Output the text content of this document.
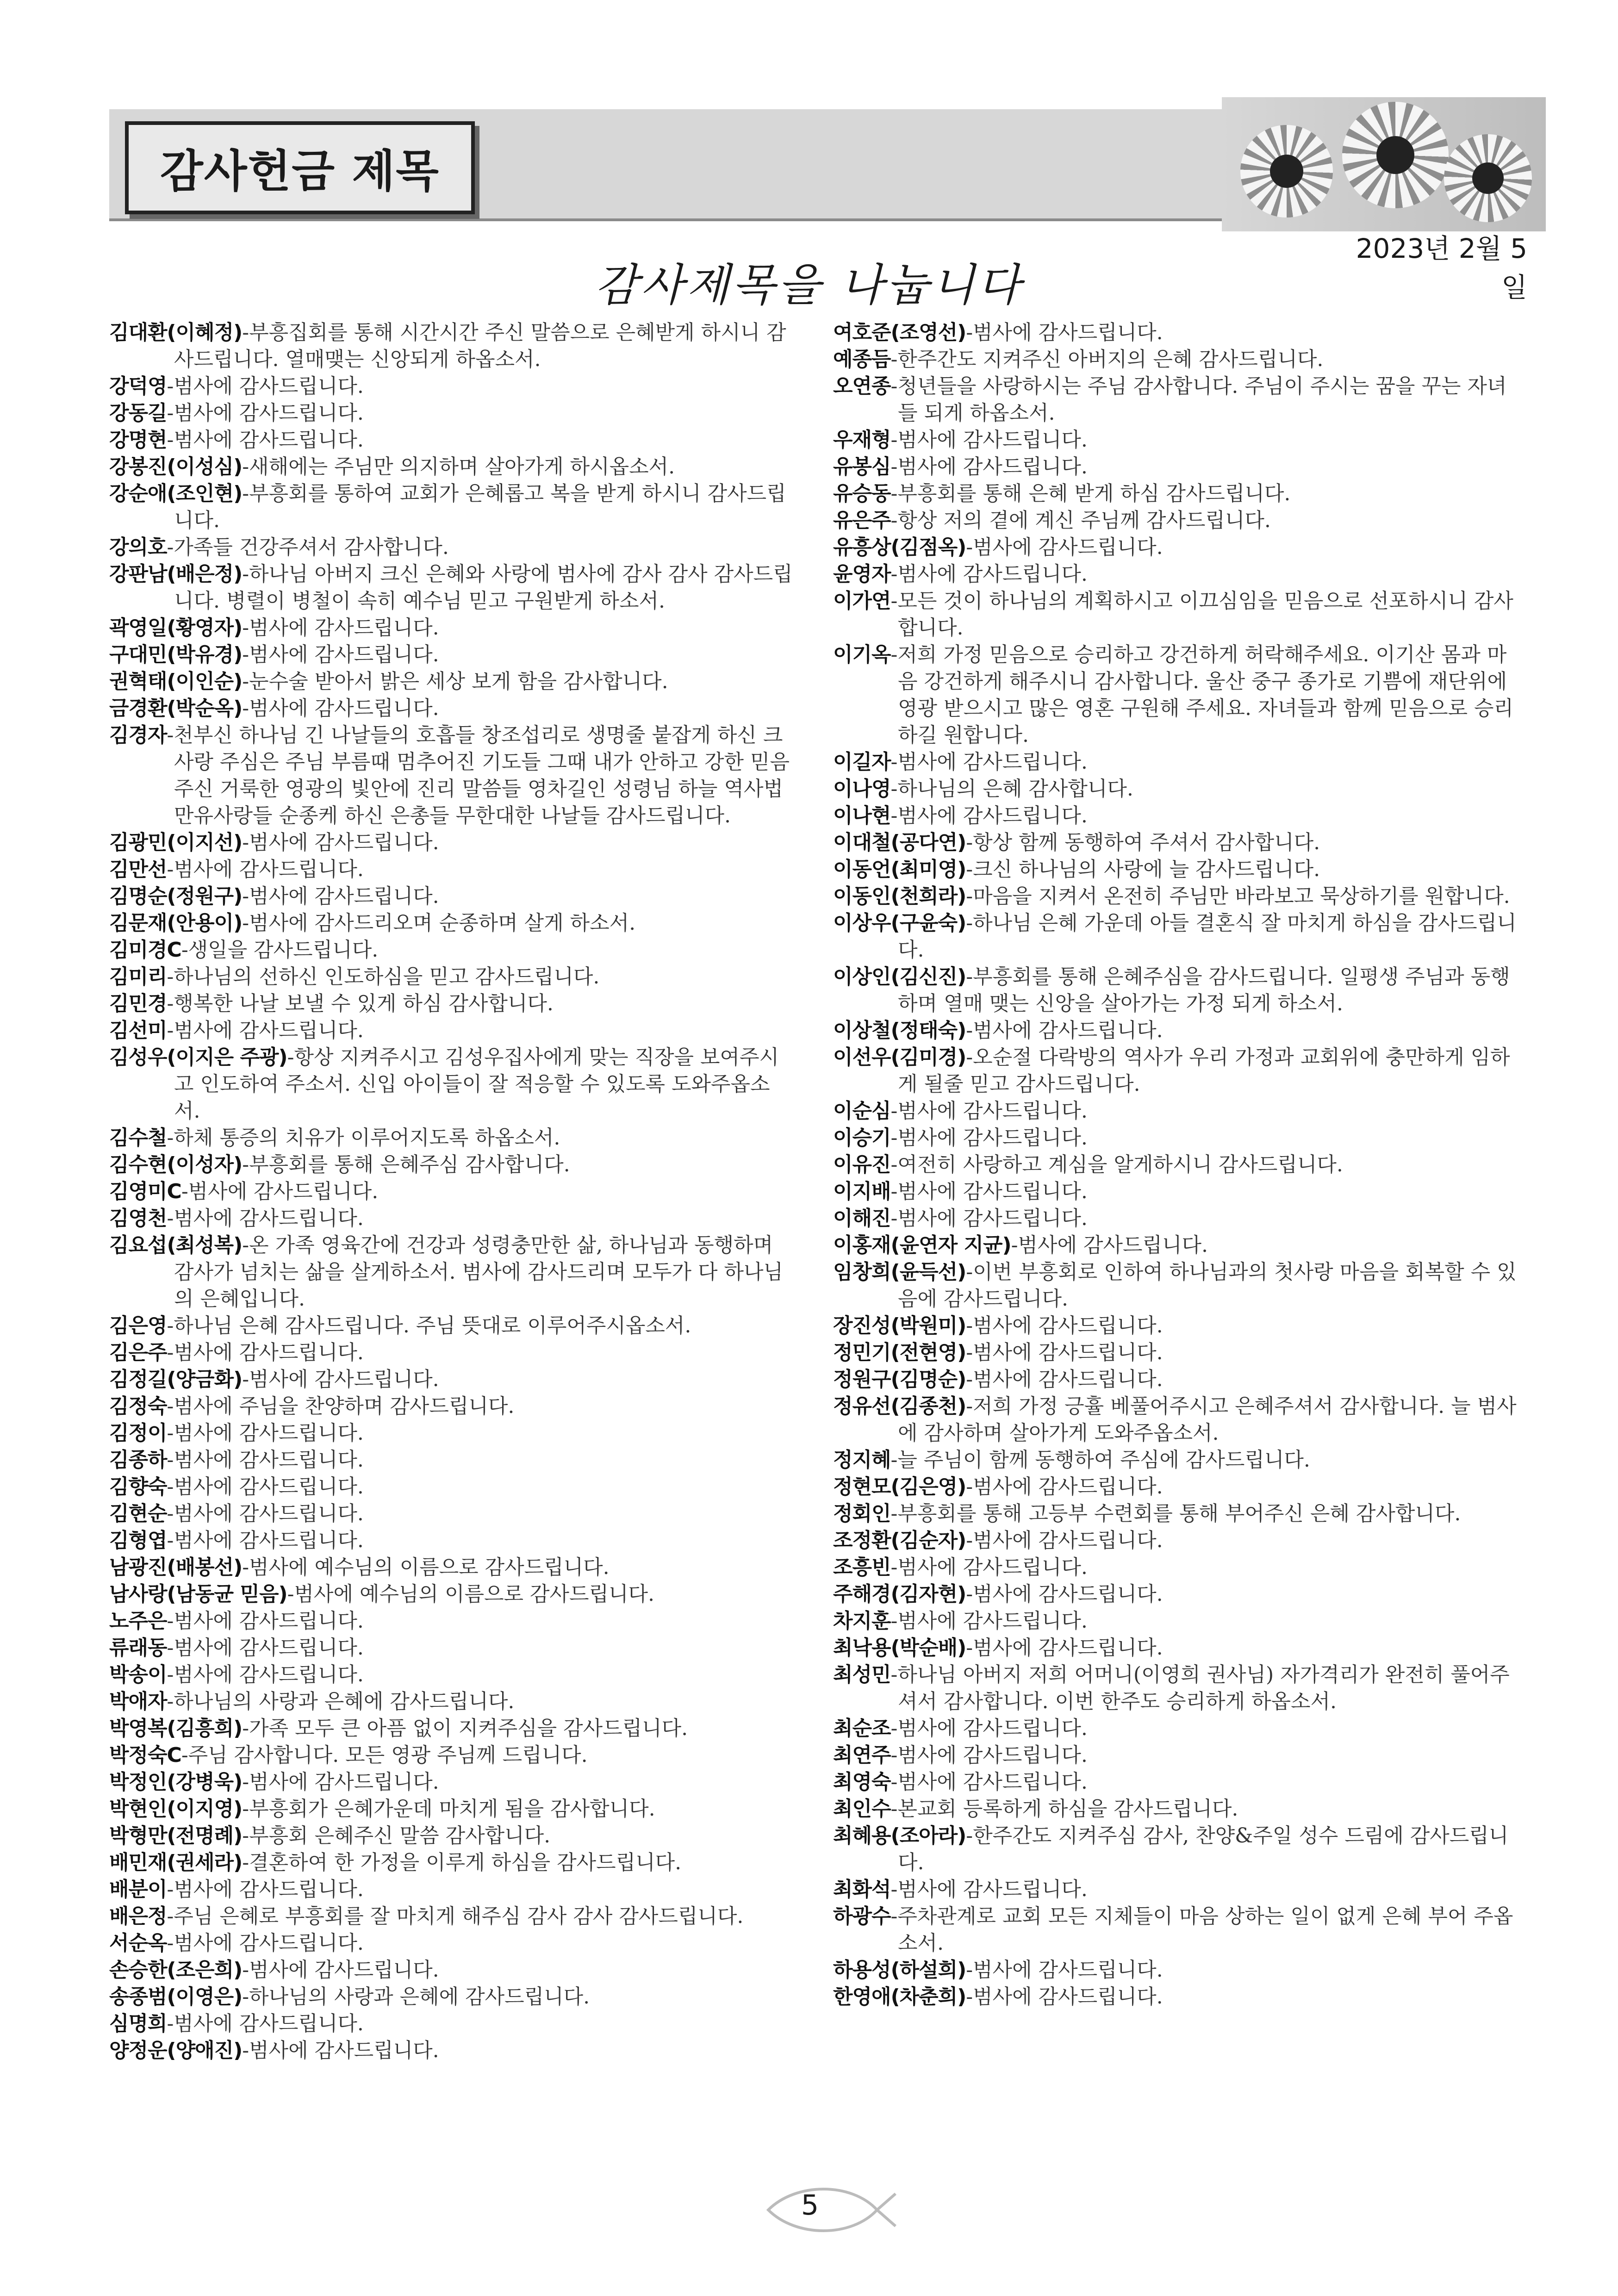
감사헌금 제목
2023년 2월 5일
감사제목을 나눕니다

김대환(이혜정)-부흥집회를 통해 시간시간 주신 말씀으로 은혜받게 하시니 감사드립니다. 열매맺는 신앙되게 하옵소서.

강덕영-범사에 감사드립니다.

강동길-범사에 감사드립니다.

강명현-범사에 감사드립니다.

강봉진(이성심)-새해에는 주님만 의지하며 살아가게 하시옵소서.

강순애(조인현)-부흥회를 통하여 교회가 은혜롭고 복을 받게 하시니 감사드립니다.

강의호-가족들 건강주셔서 감사합니다.

강판남(배은정)-하나님 아버지 크신 은혜와 사랑에 범사에 감사 감사 감사드립니다. 병렬이 병철이 속히 예수님 믿고 구원받게 하소서.

곽영일(황영자)-범사에 감사드립니다.

구대민(박유경)-범사에 감사드립니다.

권혁태(이인순)-눈수술 받아서 밝은 세상 보게 함을 감사합니다.

금경환(박순옥)-범사에 감사드립니다.

김경자-천부신 하나님 긴 나날들의 호흡들 창조섭리로 생명줄 붙잡게 하신 크사랑 주심은 주님 부름때 멈추어진 기도들 그때 내가 안하고 강한 믿음 주신 거룩한 영광의 빛안에 진리 말씀들 영차길인 성령님 하늘 역사법 만유사랑들 순종케 하신 은총들 무한대한 나날들 감사드립니다.

김광민(이지선)-범사에 감사드립니다.

김만선-범사에 감사드립니다.

김명순(정원구)-범사에 감사드립니다.

김문재(안용이)-범사에 감사드리오며 순종하며 살게 하소서.

김미경C-생일을 감사드립니다.

김미리-하나님의 선하신 인도하심을 믿고 감사드립니다.

김민경-행복한 나날 보낼 수 있게 하심 감사합니다.

김선미-범사에 감사드립니다.

김성우(이지은 주광)-항상 지켜주시고 김성우집사에게 맞는 직장을 보여주시고 인도하여 주소서. 신입 아이들이 잘 적응할 수 있도록 도와주옵소서.

김수철-하체 통증의 치유가 이루어지도록 하옵소서.

김수현(이성자)-부흥회를 통해 은혜주심 감사합니다.

김영미C-범사에 감사드립니다.

김영천-범사에 감사드립니다.

김요섭(최성복)-온 가족 영육간에 건강과 성령충만한 삶, 하나님과 동행하며 감사가 넘치는 삶을 살게하소서. 범사에 감사드리며 모두가 다 하나님의 은혜입니다.

김은영-하나님 은혜 감사드립니다. 주님 뜻대로 이루어주시옵소서.

김은주-범사에 감사드립니다.

김정길(양금화)-범사에 감사드립니다.

김정숙-범사에 주님을 찬양하며 감사드립니다.

김정이-범사에 감사드립니다.

김종하-범사에 감사드립니다.

김향숙-범사에 감사드립니다.

김현순-범사에 감사드립니다.

김형엽-범사에 감사드립니다.

남광진(배봉선)-범사에 예수님의 이름으로 감사드립니다.

남사랑(남동균 믿음)-범사에 예수님의 이름으로 감사드립니다.

노주은-범사에 감사드립니다.

류래동-범사에 감사드립니다.

박송이-범사에 감사드립니다.

박애자-하나님의 사랑과 은혜에 감사드립니다.

박영복(김흥희)-가족 모두 큰 아픔 없이 지켜주심을 감사드립니다.

박정숙C-주님 감사합니다. 모든 영광 주님께 드립니다.

박정인(강병욱)-범사에 감사드립니다.

박현인(이지영)-부흥회가 은혜가운데 마치게 됨을 감사합니다.

박형만(전명례)-부흥회 은혜주신 말씀 감사합니다.

배민재(권세라)-결혼하여 한 가정을 이루게 하심을 감사드립니다.

배분이-범사에 감사드립니다.

배은정-주님 은혜로 부흥회를 잘 마치게 해주심 감사 감사 감사드립니다.

서순옥-범사에 감사드립니다.

손승한(조은희)-범사에 감사드립니다.

송종범(이영은)-하나님의 사랑과 은혜에 감사드립니다.

심명희-범사에 감사드립니다.

양정운(양애진)-범사에 감사드립니다.

여호준(조영선)-범사에 감사드립니다.

예종듬-한주간도 지켜주신 아버지의 은혜 감사드립니다.

오연종-청년들을 사랑하시는 주님 감사합니다. 주님이 주시는 꿈을 꾸는 자녀들 되게 하옵소서.

우재형-범사에 감사드립니다.

유봉심-범사에 감사드립니다.

유승동-부흥회를 통해 은혜 받게 하심 감사드립니다.

유은주-항상 저의 곁에 계신 주님께 감사드립니다.

유흥상(김점옥)-범사에 감사드립니다.

윤영자-범사에 감사드립니다.

이가연-모든 것이 하나님의 계획하시고 이끄심임을 믿음으로 선포하시니 감사합니다.

이기옥-저희 가정 믿음으로 승리하고 강건하게 허락해주세요. 이기산 몸과 마음 강건하게 해주시니 감사합니다. 울산 중구 종가로 기쁨에 재단위에 영광 받으시고 많은 영혼 구원해 주세요. 자녀들과 함께 믿음으로 승리하길 원합니다.

이길자-범사에 감사드립니다.

이나영-하나님의 은혜 감사합니다.

이나현-범사에 감사드립니다.

이대철(공다연)-항상 함께 동행하여 주셔서 감사합니다.

이동언(최미영)-크신 하나님의 사랑에 늘 감사드립니다.

이동인(천희라)-마음을 지켜서 온전히 주님만 바라보고 묵상하기를 원합니다.

이상우(구윤숙)-하나님 은혜 가운데 아들 결혼식 잘 마치게 하심을 감사드립니다.

이상인(김신진)-부흥회를 통해 은혜주심을 감사드립니다. 일평생 주님과 동행하며 열매 맺는 신앙을 살아가는 가정 되게 하소서.

이상철(정태숙)-범사에 감사드립니다.

이선우(김미경)-오순절 다락방의 역사가 우리 가정과 교회위에 충만하게 임하게 될줄 믿고 감사드립니다.

이순심-범사에 감사드립니다.

이승기-범사에 감사드립니다.

이유진-여전히 사랑하고 계심을 알게하시니 감사드립니다.

이지배-범사에 감사드립니다.

이해진-범사에 감사드립니다.

이홍재(윤연자 지균)-범사에 감사드립니다.

임창희(윤득선)-이번 부흥회로 인하여 하나님과의 첫사랑 마음을 회복할 수 있음에 감사드립니다.

장진성(박원미)-범사에 감사드립니다.

정민기(전현영)-범사에 감사드립니다.

정원구(김명순)-범사에 감사드립니다.

정유선(김종천)-저희 가정 긍휼 베풀어주시고 은혜주셔서 감사합니다. 늘 범사에 감사하며 살아가게 도와주옵소서.

정지혜-늘 주님이 함께 동행하여 주심에 감사드립니다.

정현모(김은영)-범사에 감사드립니다.

정회인-부흥회를 통해 고등부 수련회를 통해 부어주신 은혜 감사합니다.

조정환(김순자)-범사에 감사드립니다.

조흥빈-범사에 감사드립니다.

주해경(김자현)-범사에 감사드립니다.

차지훈-범사에 감사드립니다.

최낙용(박순배)-범사에 감사드립니다.

최성민-하나님 아버지 저희 어머니(이영희 권사님) 자가격리가 완전히 풀어주셔서 감사합니다. 이번 한주도 승리하게 하옵소서.

최순조-범사에 감사드립니다.

최연주-범사에 감사드립니다.

최영숙-범사에 감사드립니다.

최인수-본교회 등록하게 하심을 감사드립니다.

최혜용(조아라)-한주간도 지켜주심 감사, 찬양&주일 성수 드림에 감사드립니다.

최화석-범사에 감사드립니다.

하광수-주차관계로 교회 모든 지체들이 마음 상하는 일이 없게 은혜 부어 주옵소서.

하용성(하설희)-범사에 감사드립니다.

한영애(차춘희)-범사에 감사드립니다.

5
